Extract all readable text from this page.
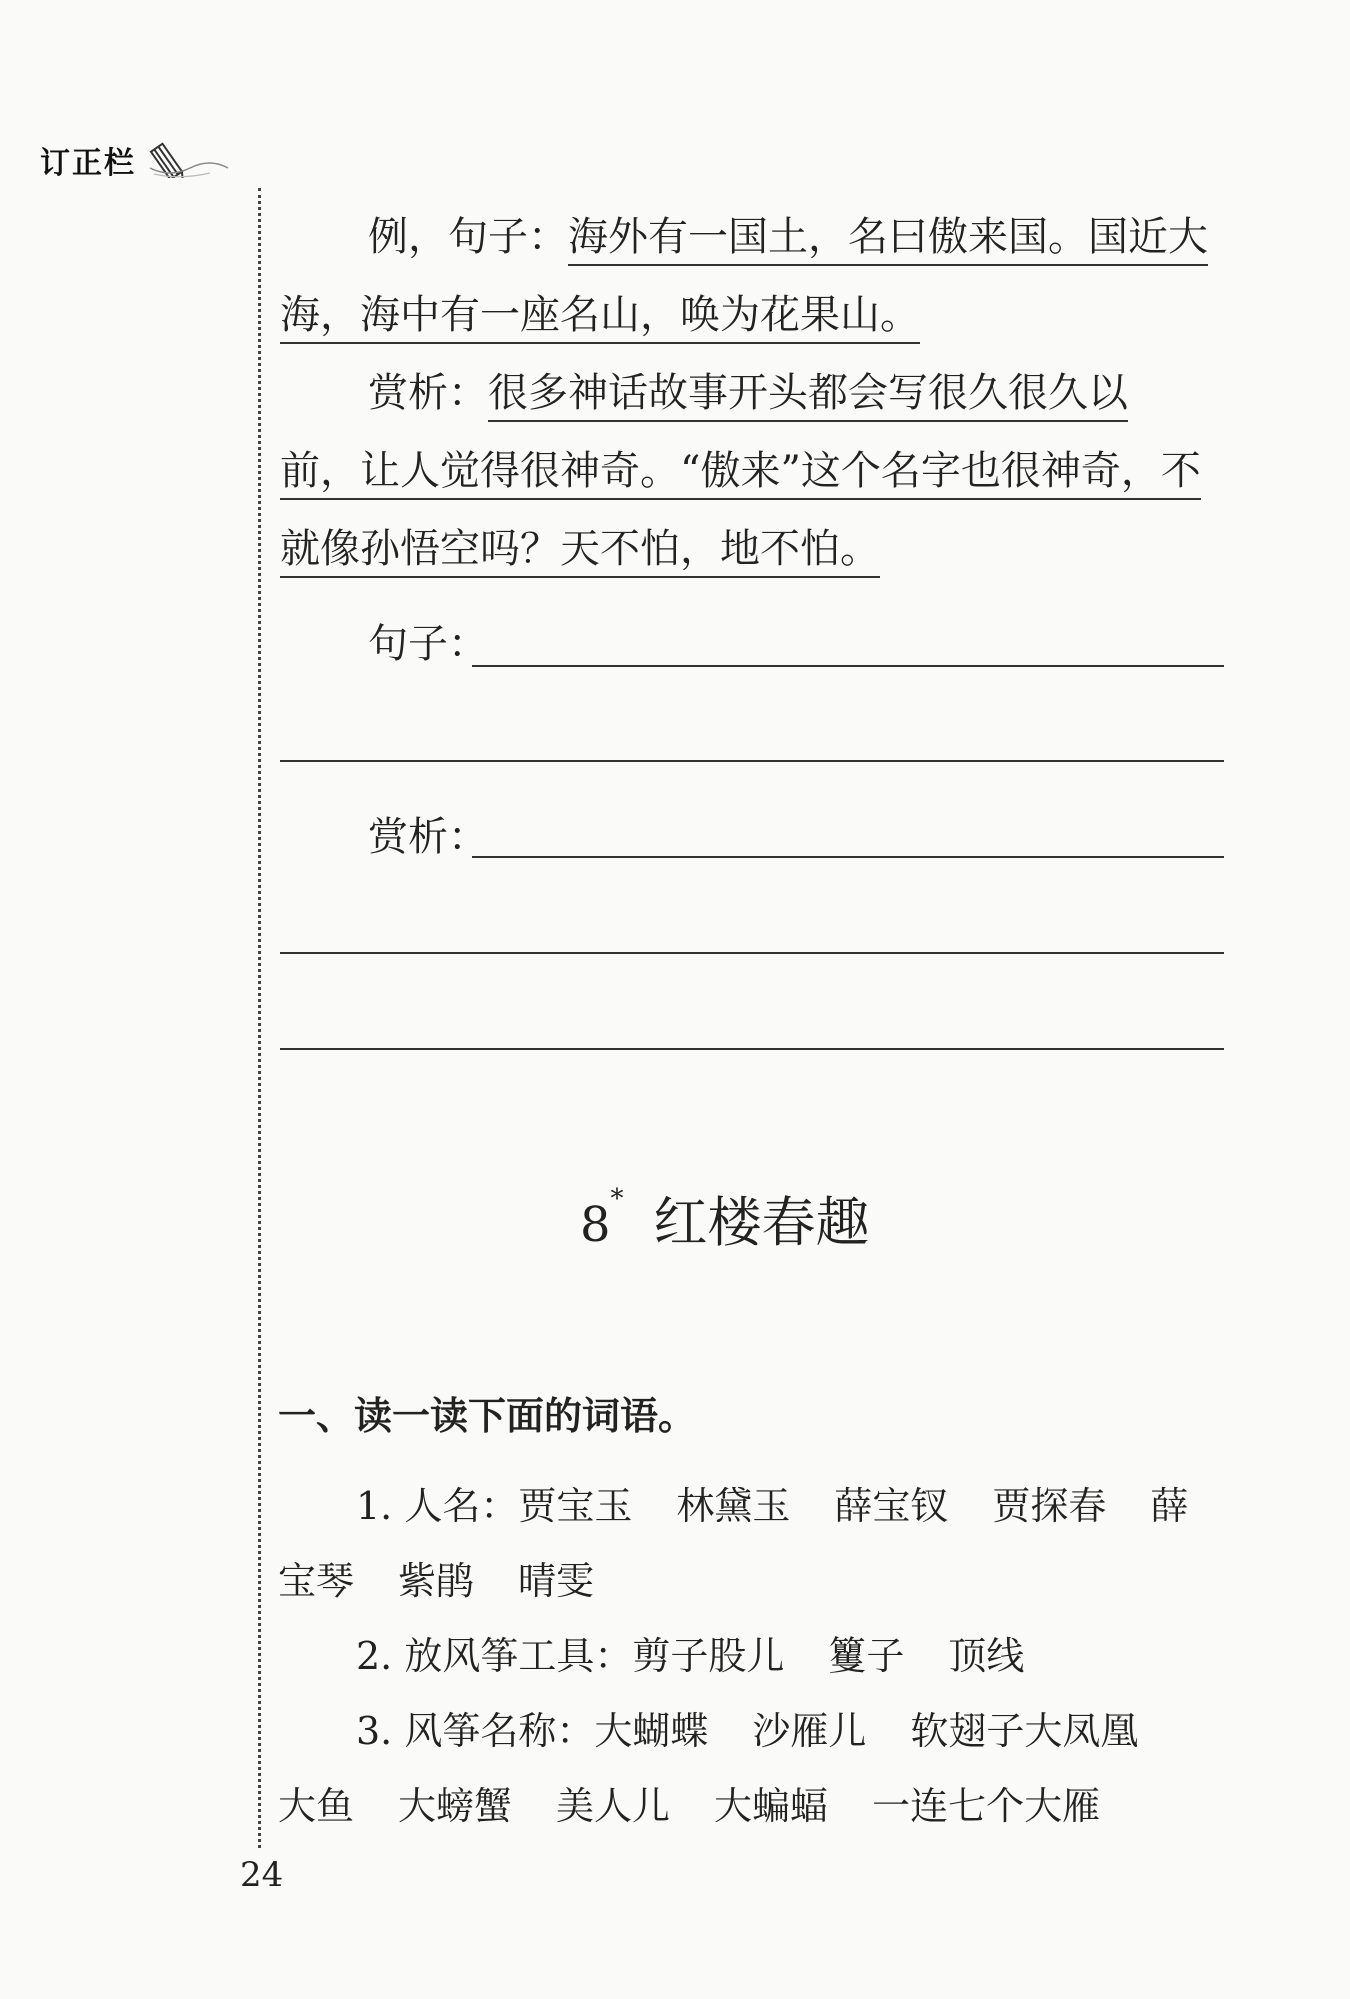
订正栏
例，句子：海外有一国土，名曰傲来国。国近大
海，海中有一座名山，唤为花果山。
赏析：很多神话故事开头都会写很久很久以
前，让人觉得很神奇。“傲来”这个名字也很神奇，不
就像孙悟空吗？天不怕，地不怕。
句子：
赏析：
8* 红楼春趣
一、读一读下面的词语。
1. 人名：贾宝玉 林黛玉 薛宝钗 贾探春 薛
宝琴 紫鹃 晴雯
2. 放风筝工具：剪子股儿 籰子 顶线
3. 风筝名称：大蝴蝶 沙雁儿 软翅子大凤凰
大鱼 大螃蟹 美人儿 大蝙蝠 一连七个大雁
24
